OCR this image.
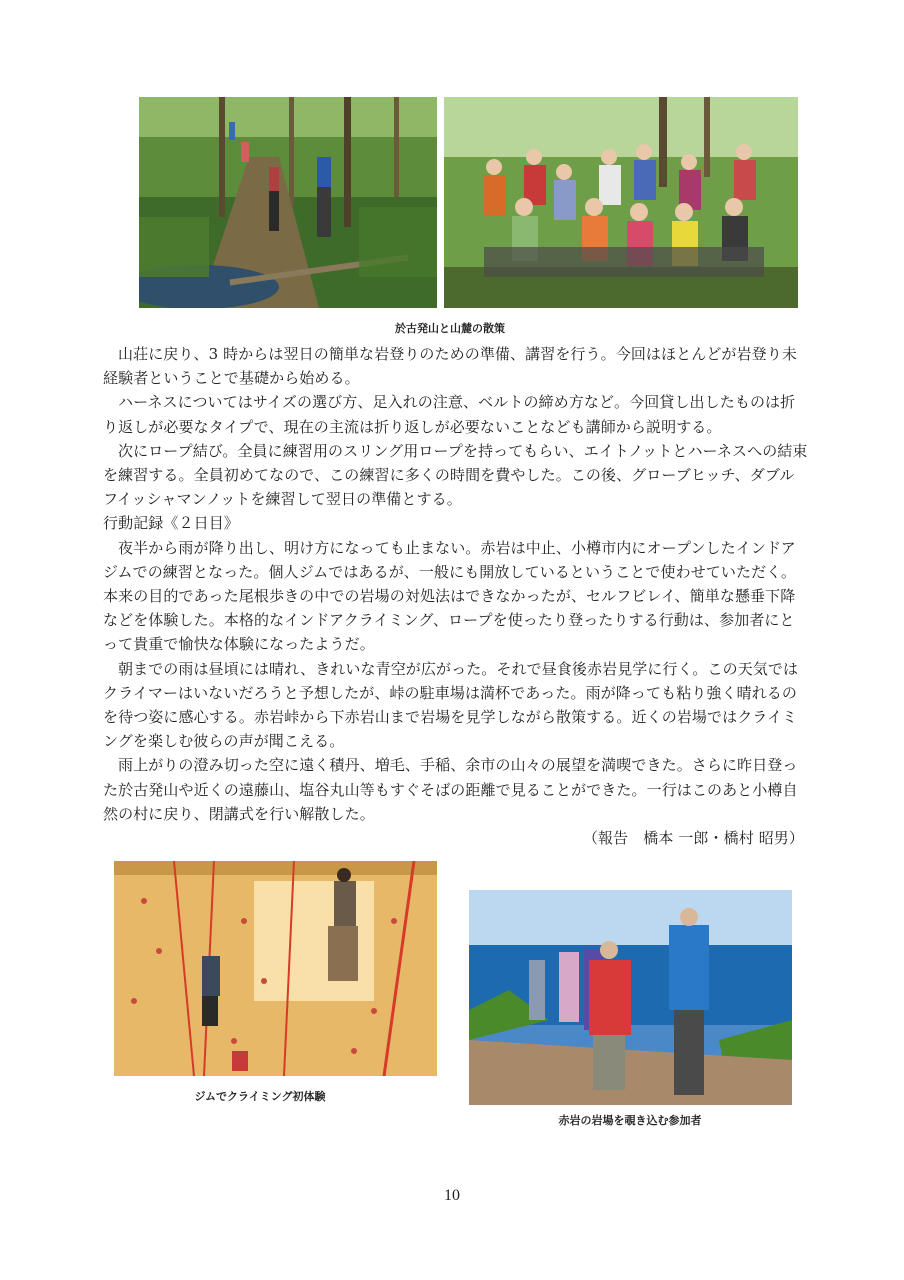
於古発山と山麓の散策

山荘に戻り、3 時からは翌日の簡単な岩登りのための準備、講習を行う。今回はほとんどが岩登り未経験者ということで基礎から始める。

ハーネスについてはサイズの選び方、足入れの注意、ベルトの締め方など。今回貸し出したものは折り返しが必要なタイプで、現在の主流は折り返しが必要ないことなども講師から説明する。

次にロープ結び。全員に練習用のスリング用ロープを持ってもらい、エイトノットとハーネスへの結束を練習する。全員初めてなので、この練習に多くの時間を費やした。この後、グローブヒッチ、ダブルフイッシャマンノットを練習して翌日の準備とする。

行動記録《２日目》

夜半から雨が降り出し、明け方になっても止まない。赤岩は中止、小樽市内にオープンしたインドアジムでの練習となった。個人ジムではあるが、一般にも開放しているということで使わせていただく。本来の目的であった尾根歩きの中での岩場の対処法はできなかったが、セルフビレイ、簡単な懸垂下降などを体験した。本格的なインドアクライミング、ロープを使ったり登ったりする行動は、参加者にとって貴重で愉快な体験になったようだ。

朝までの雨は昼頃には晴れ、きれいな青空が広がった。それで昼食後赤岩見学に行く。この天気ではクライマーはいないだろうと予想したが、峠の駐車場は満杯であった。雨が降っても粘り強く晴れるのを待つ姿に感心する。赤岩峠から下赤岩山まで岩場を見学しながら散策する。近くの岩場ではクライミングを楽しむ彼らの声が聞こえる。

雨上がりの澄み切った空に遠く積丹、増毛、手稲、余市の山々の展望を満喫できた。さらに昨日登った於古発山や近くの遠藤山、塩谷丸山等もすぐそばの距離で見ることができた。一行はこのあと小樽自然の村に戻り、閉講式を行い解散した。

（報告　橋本 一郎・橋村 昭男）

ジムでクライミング初体験
赤岩の岩場を覗き込む参加者
10
